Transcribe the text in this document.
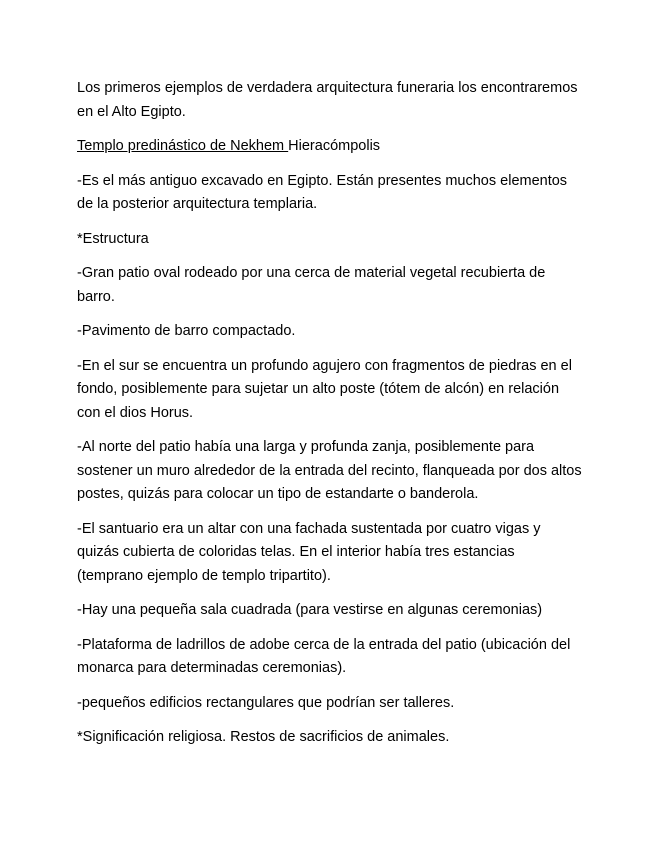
Los primeros ejemplos de verdadera arquitectura funeraria los encontraremos en el Alto Egipto.

Templo predinástico de Nekhem Hieracómpolis

-Es el más antiguo excavado en Egipto. Están presentes muchos elementos de la posterior arquitectura templaria.

*Estructura

-Gran patio oval rodeado por una cerca de material vegetal recubierta de barro.

-Pavimento de barro compactado.

-En el sur se encuentra un profundo agujero con fragmentos de piedras en el fondo, posiblemente para sujetar un alto poste (tótem de alcón) en relación con el dios Horus.

-Al norte del patio había una larga y profunda zanja, posiblemente para sostener un muro alrededor de la entrada del recinto, flanqueada por dos altos postes, quizás para colocar un tipo de estandarte o banderola.

-El santuario era un altar con una fachada sustentada por cuatro vigas y quizás cubierta de coloridas telas. En el interior había tres estancias (temprano ejemplo de templo tripartito).

-Hay una pequeña sala cuadrada (para vestirse en algunas ceremonias)

-Plataforma de ladrillos de adobe cerca de la entrada del patio (ubicación del monarca para determinadas ceremonias).

-pequeños edificios rectangulares que podrían ser talleres.

*Significación religiosa. Restos de sacrificios de animales.
